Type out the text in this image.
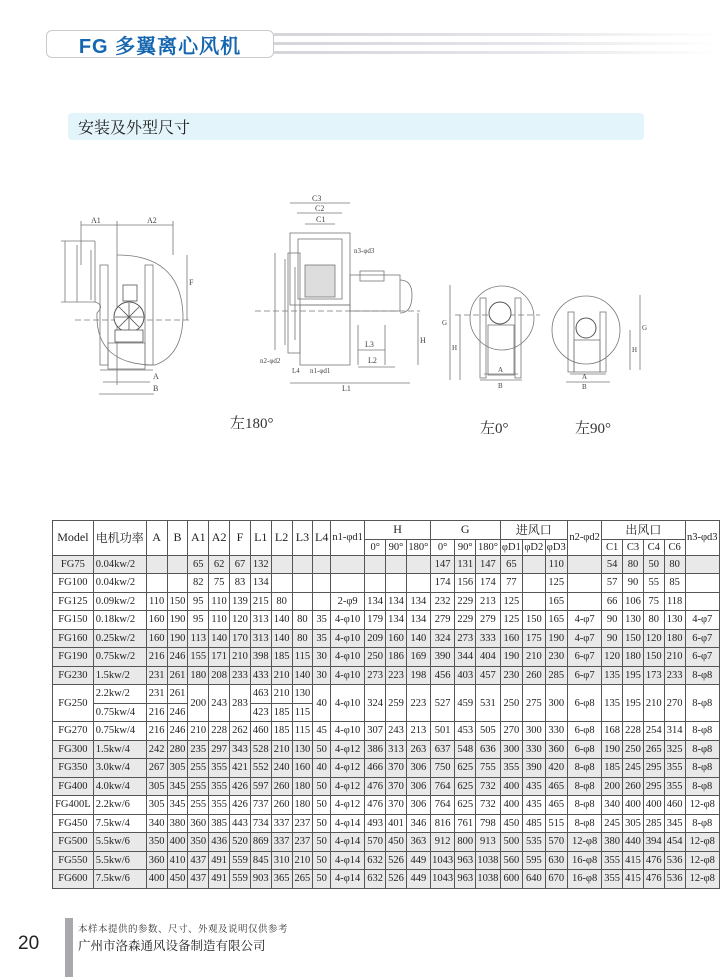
FG 多翼离心风机
安装及外型尺寸
A1	A2
A
B
F
C3
C2
C1
n3-φd3
n2-φd2
L4 n1-φd1
L3
L2
L1
H
G
H
A
B
左0°
G
H
A
B
左90°
左180°
Model	电机功率	A	B	A1	A2	F	L1	L2	L3	L4	n1-φd1	H			G			进风口			n2-φd2	出风口				n3-φd3
												0°	90°	180°	0°	90°	180°	φD1	φD2	φD3		C1	C3	C4	C6	
FG75	0.04kw/2			65	62	67	132								147	131	147	65		110		54	80	50	80	
FG100	0.04kw/2			82	75	83	134								174	156	174	77		125		57	90	55	85	
FG125	0.09kw/2	110	150	95	110	139	215	80			2-φ9	134	134	134	232	229	213	125		165		66	106	75	118	
FG150	0.18kw/2	160	190	95	110	120	313	140	80	35	4-φ10	179	134	134	279	229	279	125	150	165	4-φ7	90	130	80	130	4-φ7
FG160	0.25kw/2	160	190	113	140	170	313	140	80	35	4-φ10	209	160	140	324	273	333	160	175	190	4-φ7	90	150	120	180	6-φ7
FG190	0.75kw/2	216	246	155	171	210	398	185	115	30	4-φ10	250	186	169	390	344	404	190	210	230	6-φ7	120	180	150	210	6-φ7
FG230	1.5kw/2	231	261	180	208	233	433	210	140	30	4-φ10	273	223	198	456	403	457	230	260	285	6-φ7	135	195	173	233	8-φ8
FG250	2.2kw/2	231	261	200	243	283	463	210	130	40	4-φ10	324	259	223	527	459	531	250	275	300	6-φ8	135	195	210	270	8-φ8
	0.75kw/4	216	246				423	185	115																	
FG270	0.75kw/4	216	246	210	228	262	460	185	115	45	4-φ10	307	243	213	501	453	505	270	300	330	6-φ8	168	228	254	314	8-φ8
FG300	1.5kw/4	242	280	235	297	343	528	210	130	50	4-φ12	386	313	263	637	548	636	300	330	360	6-φ8	190	250	265	325	8-φ8
FG350	3.0kw/4	267	305	255	355	421	552	240	160	40	4-φ12	466	370	306	750	625	755	355	390	420	8-φ8	185	245	295	355	8-φ8
FG400	4.0kw/4	305	345	255	355	426	597	260	180	50	4-φ12	476	370	306	764	625	732	400	435	465	8-φ8	200	260	295	355	8-φ8
FG400L	2.2kw/6	305	345	255	355	426	737	260	180	50	4-φ12	476	370	306	764	625	732	400	435	465	8-φ8	340	400	400	460	12-φ8
FG450	7.5kw/4	340	380	360	385	443	734	337	237	50	4-φ14	493	401	346	816	761	798	450	485	515	8-φ8	245	305	285	345	8-φ8
FG500	5.5kw/6	350	400	350	436	520	869	337	237	50	4-φ14	570	450	363	912	800	913	500	535	570	12-φ8	380	440	394	454	12-φ8
FG550	5.5kw/6	360	410	437	491	559	845	310	210	50	4-φ14	632	526	449	1043	963	1038	560	595	630	16-φ8	355	415	476	536	12-φ8
FG600	7.5kw/6	400	450	437	491	559	903	365	265	50	4-φ14	632	526	449	1043	963	1038	600	640	670	16-φ8	355	415	476	536	12-φ8
20
本样本提供的参数、尺寸、外观及说明仅供参考
广州市洛森通风设备制造有限公司
